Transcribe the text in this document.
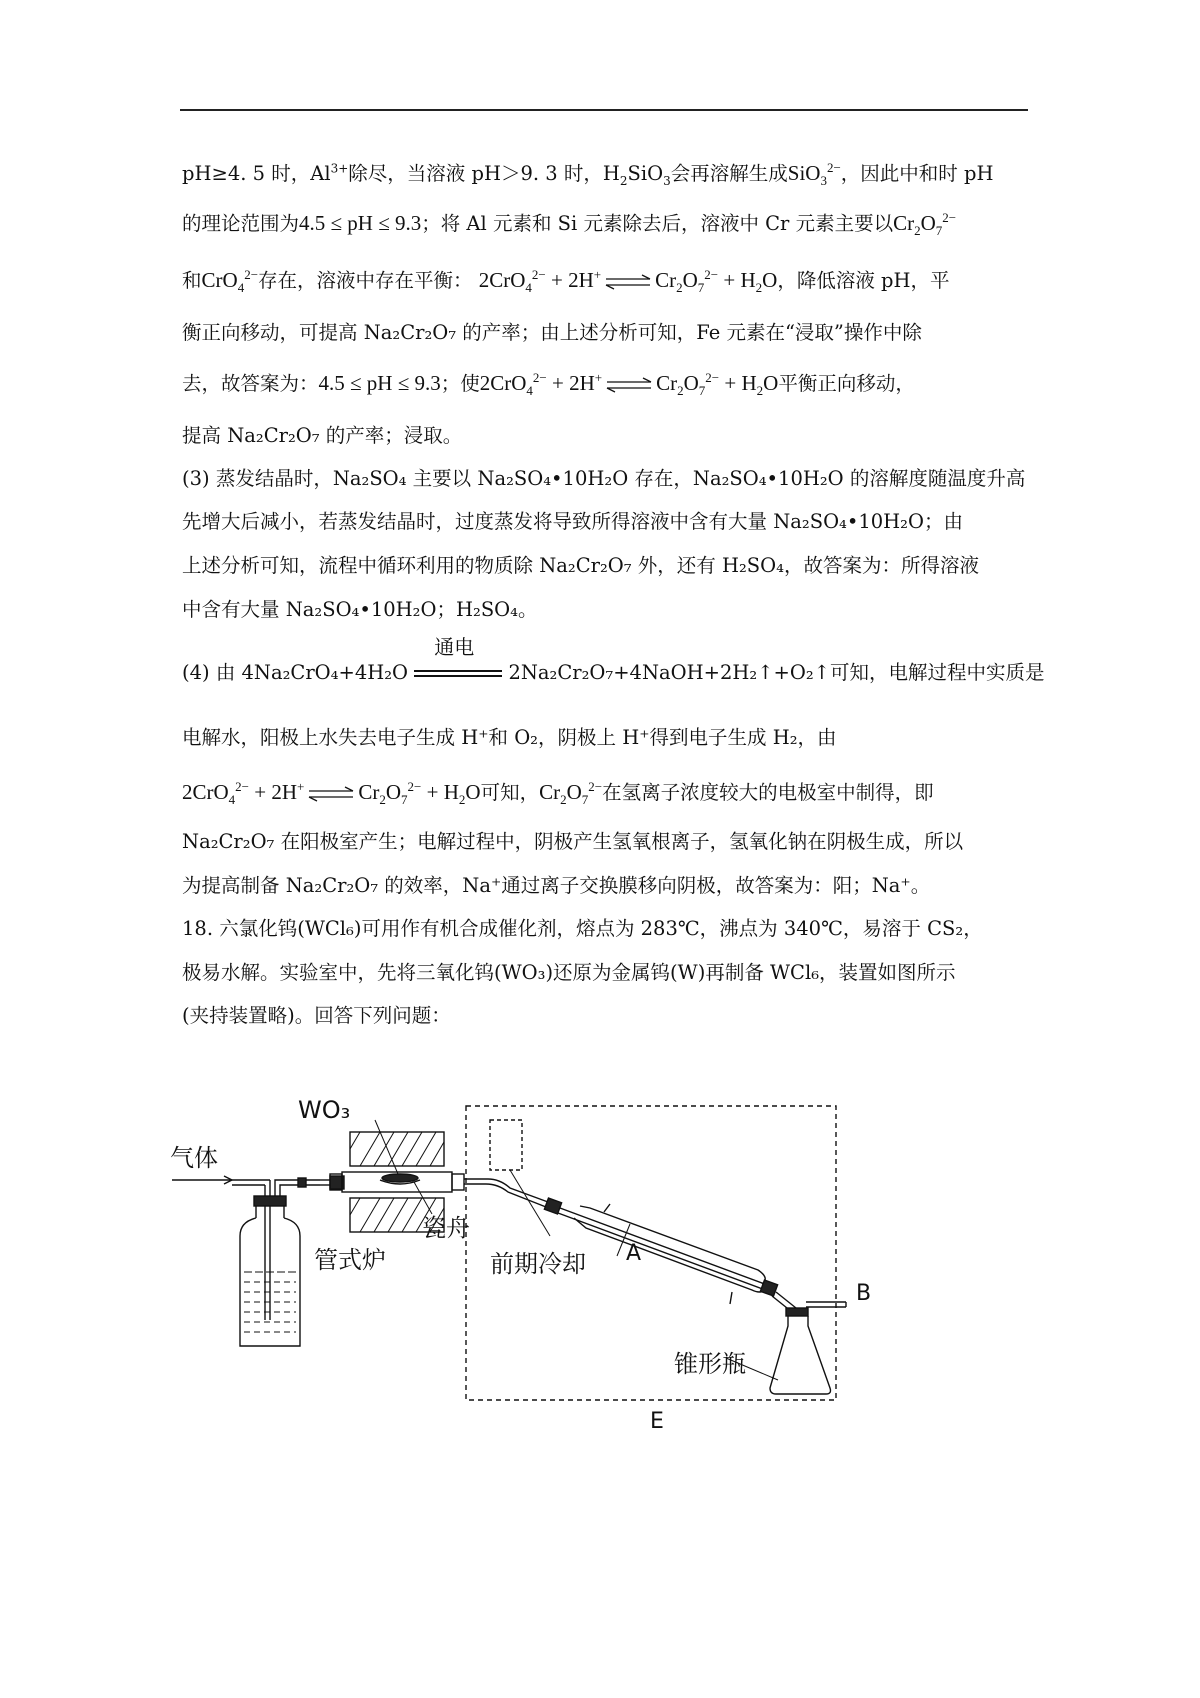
pH≥4. 5 时，$Al^{3+}$除尽，当溶液 pH＞9. 3 时，$H_2SiO_3$会再溶解生成SiO$_3^{2-}$，因此中和时 pH
的理论范围为4.5 ≤ pH ≤ 9.3；将 Al 元素和 Si 元素除去后，溶液中 Cr 元素主要以$Cr_2O_7^{2-}$
和CrO$_4^{2-}$存在，溶液中存在平衡： 2CrO$_4^{2-}$ + 2H+	$Cr_2O_7^{2-} + H_2O$，降低溶液 pH，平
衡正向移动，可提高 Na₂Cr₂O₇ 的产率；由上述分析可知，Fe 元素在“浸取”操作中除
去，故答案为：4.5 ≤ pH ≤ 9.3；使2CrO$_4^{2-}$ + 2H+	$Cr_2O_7^{2-} + H_2O$平衡正向移动，
提高 Na₂Cr₂O₇ 的产率；浸取。
(3) 蒸发结晶时，Na₂SO₄ 主要以 Na₂SO₄•10H₂O 存在，Na₂SO₄•10H₂O 的溶解度随温度升高
先增大后减小，若蒸发结晶时，过度蒸发将导致所得溶液中含有大量 Na₂SO₄•10H₂O；由
上述分析可知，流程中循环利用的物质除 Na₂Cr₂O₇ 外，还有 H₂SO₄，故答案为：所得溶液
中含有大量 Na₂SO₄•10H₂O；H₂SO₄。
(4) 由 4Na₂CrO₄+4H₂O
通电
2Na₂Cr₂O₇+4NaOH+2H₂↑+O₂↑可知，电解过程中实质是
电解水，阳极上水失去电子生成 H⁺和 O₂，阴极上 H⁺得到电子生成 H₂，由
2CrO$_4^{2-}$ + 2H+	$Cr_2O_7^{2-} + H_2O$可知，$Cr_2O_7^{2-}$在氢离子浓度较大的电极室中制得，即
Na₂Cr₂O₇ 在阳极室产生；电解过程中，阴极产生氢氧根离子，氢氧化钠在阴极生成，所以
为提高制备 Na₂Cr₂O₇ 的效率，Na⁺通过离子交换膜移向阴极，故答案为：阳；Na⁺。
18. 六氯化钨(WCl₆)可用作有机合成催化剂，熔点为 283℃，沸点为 340℃，易溶于 CS₂，
极易水解。实验室中，先将三氧化钨(WO₃)还原为金属钨(W)再制备 WCl₆，装置如图所示
(夹持装置略)。回答下列问题：
WO₃
气体
管式炉
瓷舟
前期冷却 A
B
锥形瓶
E
